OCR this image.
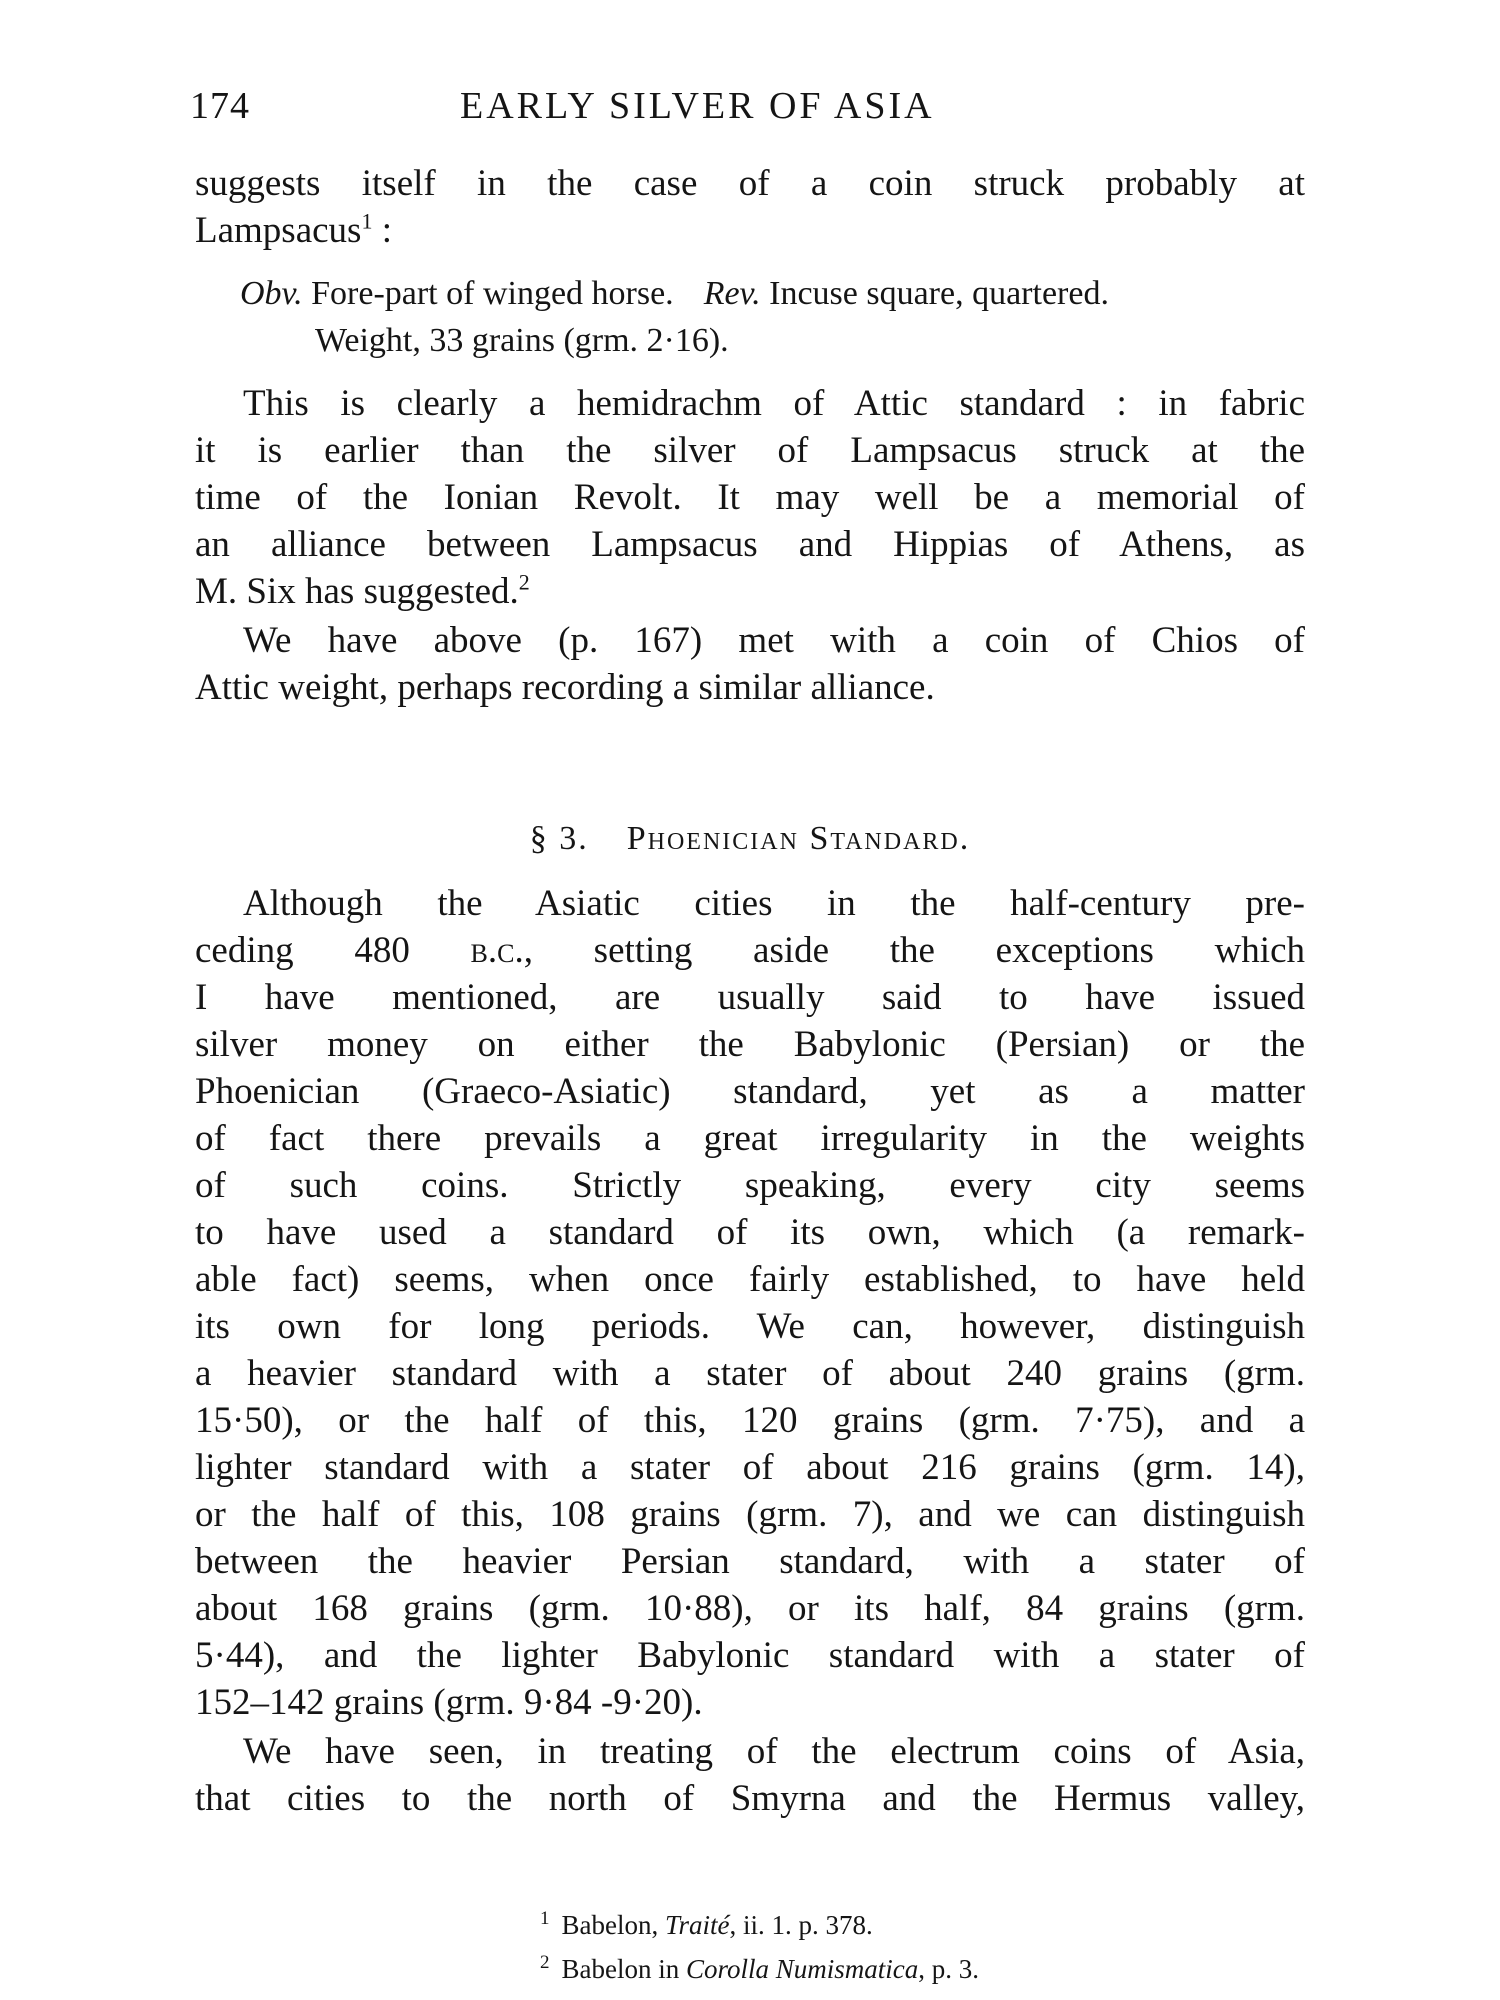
174	EARLY SILVER OF ASIA

suggests itself in the case of a coin struck probably at

Lampsacus$^1$ :

Obv. Fore-part of winged horse. Rev. Incuse square, quartered.

Weight, 33 grains (grm. 2·16).

This is clearly a hemidrachm of Attic standard : in fabric

it is earlier than the silver of Lampsacus struck at the

time of the Ionian Revolt. It may well be a memorial of

an alliance between Lampsacus and Hippias of Athens, as

M. Six has suggested.$^2$

We have above (p. 167) met with a coin of Chios of

Attic weight, perhaps recording a similar alliance.

§ 3. Phoenician Standard.

Although the Asiatic cities in the half-century pre-

ceding 480 b.c., setting aside the exceptions which

I have mentioned, are usually said to have issued

silver money on either the Babylonic (Persian) or the

Phoenician (Graeco-Asiatic) standard, yet as a matter

of fact there prevails a great irregularity in the weights

of such coins. Strictly speaking, every city seems

to have used a standard of its own, which (a remark-

able fact) seems, when once fairly established, to have held

its own for long periods. We can, however, distinguish

a heavier standard with a stater of about 240 grains (grm.

15·50), or the half of this, 120 grains (grm. 7·75), and a

lighter standard with a stater of about 216 grains (grm. 14),

or the half of this, 108 grains (grm. 7), and we can distinguish

between the heavier Persian standard, with a stater of

about 168 grains (grm. 10·88), or its half, 84 grains (grm.

5·44), and the lighter Babylonic standard with a stater of

152–142 grains (grm. 9·84 -9·20).

We have seen, in treating of the electrum coins of Asia,

that cities to the north of Smyrna and the Hermus valley,

$^1$ Babelon, Traité, ii. 1. p. 378.

$^2$ Babelon in Corolla Numismatica, p. 3.
